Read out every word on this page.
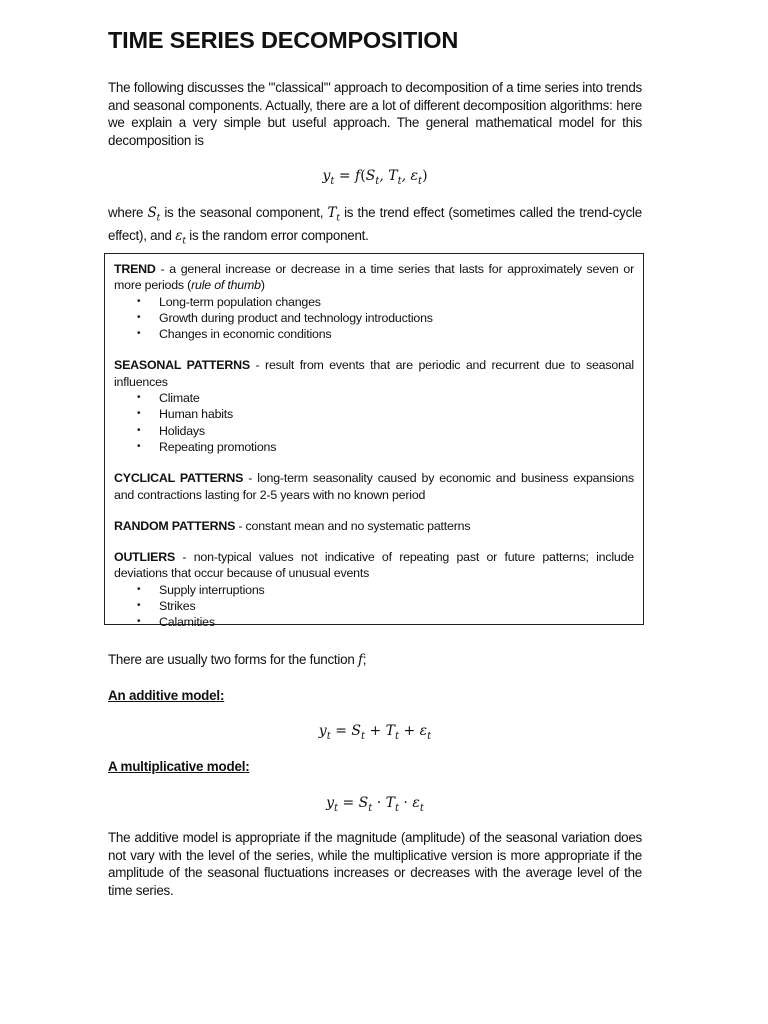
TIME SERIES DECOMPOSITION

The following discusses the "'classical'" approach to decomposition of a time series into trends and seasonal components. Actually, there are a lot of different decomposition algorithms: here we explain a very simple but useful approach. The general mathematical model for this decomposition is

$y_t = f(S_t$, $T_t$, $\varepsilon_t$)

where $S_t$ is the seasonal component, $T_t$ is the trend effect (sometimes called the trend-cycle effect), and $\varepsilon_t$ is the random error component.

There are usually two forms for the function f;

An additive model:
$y_t = S_t + T_t + \varepsilon_t$
A multiplicative model:
$y_t = S_t \cdot T_t \cdot \varepsilon_t$

The additive model is appropriate if the magnitude (amplitude) of the seasonal variation does not vary with the level of the series, while the multiplicative version is more appropriate if the amplitude of the seasonal fluctuations increases or decreases with the average level of the time series.

TREND - a general increase or decrease in a time series that lasts for approximately seven or more periods (rule of thumb)

• Long-term population changes
• Growth during product and technology introductions
• Changes in economic conditions

SEASONAL PATTERNS - result from events that are periodic and recurrent due to seasonal influences

• Climate
• Human habits
• Holidays
• Repeating promotions

CYCLICAL PATTERNS - long-term seasonality caused by economic and business expansions and contractions lasting for 2-5 years with no known period

RANDOM PATTERNS - constant mean and no systematic patterns

OUTLIERS - non-typical values not indicative of repeating past or future patterns; include deviations that occur because of unusual events

• Supply interruptions
• Strikes
• Calamities
